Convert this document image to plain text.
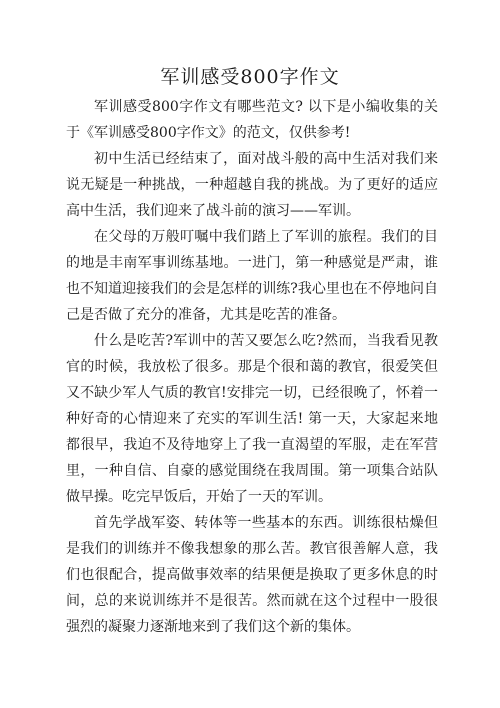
军训感受800字作文

军训感受800字作文有哪些范文? 以下是小编收集的关于《军训感受800字作文》的范文，仅供参考!

初中生活已经结束了，面对战斗般的高中生活对我们来说无疑是一种挑战，一种超越自我的挑战。为了更好的适应高中生活，我们迎来了战斗前的演习——军训。

在父母的万般叮嘱中我们踏上了军训的旅程。我们的目的地是丰南军事训练基地。一进门，第一种感觉是严肃，谁也不知道迎接我们的会是怎样的训练?我心里也在不停地问自己是否做了充分的准备，尤其是吃苦的准备。

什么是吃苦?军训中的苦又要怎么吃?然而，当我看见教官的时候，我放松了很多。那是个很和蔼的教官，很爱笑但又不缺少军人气质的教官!安排完一切，已经很晚了，怀着一种好奇的心情迎来了充实的军训生活! 第一天，大家起来地都很早，我迫不及待地穿上了我一直渴望的军服，走在军营里，一种自信、自豪的感觉围绕在我周围。第一项集合站队做早操。吃完早饭后，开始了一天的军训。

首先学战军姿、转体等一些基本的东西。训练很枯燥但是我们的训练并不像我想象的那么苦。教官很善解人意，我们也很配合，提高做事效率的结果便是换取了更多休息的时间，总的来说训练并不是很苦。然而就在这个过程中一股很强烈的凝聚力逐渐地来到了我们这个新的集体。
